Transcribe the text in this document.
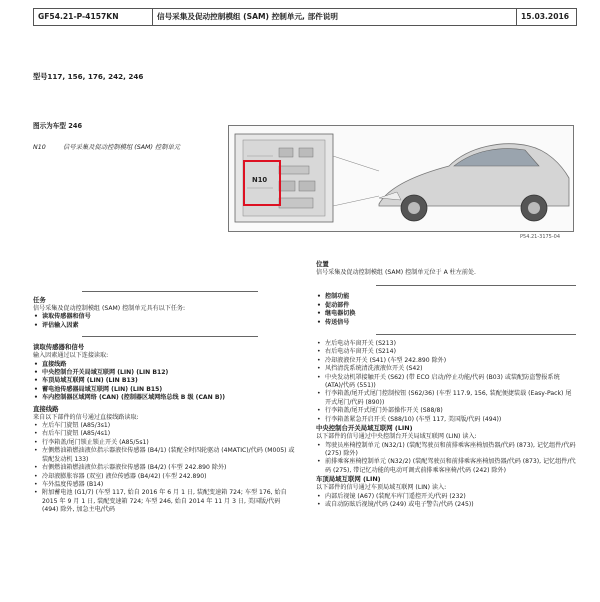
GF54.21-P-4157KN	信号采集及促动控制模组 (SAM) 控制单元, 部件说明	15.03.2016
型号117, 156, 176, 242, 246
图示为车型 246
N10	信号采集及促动控制模组 (SAM) 控制单元
N10
P54.21-3175-04
位置
信号采集及促动控制模组 (SAM) 控制单元位于 A 柱左前处.
• 控制功能
• 促动部件
• 继电器切换
• 传送信号
• 左后电动车窗开关 (S213)
• 右后电动车窗开关 (S214)
• 冷却液液位开关 (S41) (车型 242.890 除外)
• 风挡清洗系统清洗液液位开关 (S42)
• 中央发动机罩接触开关 (S62) (带 ECO 启动/停止功能/代码 (B03) 或装配防盗警报系统 (ATA)/代码 (551))
• 行李箱盖/尾开式尾门控制按钮 (S62/36) (车型 117.9, 156, 装配便捷装载 (Easy-Pack) 尾开式尾门/代码 (890))
• 行李箱盖/尾开式尾门外部操作开关 (S88/8)
• 行李箱盖紧急开启开关 (S88/10) (车型 117, 美国版/代码 (494))
中央控制台开关局域互联网 (LIN)
以下部件的信号通过中央控制台开关局域互联网 (LIN) 读入:
• 驾驶员座椅控制单元 (N32/1) (装配驾驶员和前排乘客座椅加热器/代码 (873), 记忆组件/代码 (275) 除外)
• 前排乘客座椅控制单元 (N32/2) (装配驾驶员和前排乘客座椅加热器/代码 (873), 记忆组件/代码 (275), 带记忆功能的电动可调式前排乘客座椅/代码 (242) 除外)
车顶局域互联网 (LIN)
以下部件的信号通过车顶局域互联网 (LIN) 读入:
• 内部后视镜 (A67) (装配车库门遥控开关/代码 (232)
• 或自动防眩后视镜/代码 (249) 或电子警告/代码 (245))
任务
信号采集及促动控制模组 (SAM) 控制单元具有以下任务:
• 读取传感器和信号
• 评估输入因素
读取传感器和信号
输入因素通过以下连接读取:
• 直接线路
• 中央控制台开关局域互联网 (LIN) (LIN B12)
• 车顶局域互联网 (LIN) (LIN B13)
• 蓄电池传感器局域互联网 (LIN) (LIN B15)
• 车内控制器区域网络 (CAN) (控制器区域网络总线 B 级 (CAN B))
直接线路
来自以下部件的信号通过直接线路读取:
• 左后车门旋钮 (A85/3s1)
• 右后车门旋钮 (A85/4s1)
• 行李箱盖/尾门锁止锁止开关 (A85/5s1)
• 左侧燃油箱燃油液位指示器液位传感器 (B4/1) (装配全时四轮驱动 (4MATIC)/代码 (M005) 或装配发动机 133)
• 右侧燃油箱燃油液位指示器液位传感器 (B4/2) (车型 242.890 除外)
• 冷却液膨胀容器 (双室) 液位传感器 (B4/42) (车型 242.890)
• 车外温度传感器 (B14)
• 附加蓄电池 (G1/7) (车型 117, 始自 2016 年 6 月 1 日, 装配变速箱 724; 车型 176, 始自 2015 年 9 月 1 日, 装配变速箱 724; 车型 246, 始自 2014 年 11 月 3 日, 美国版/代码 (494) 除外, 加急主电/代码
